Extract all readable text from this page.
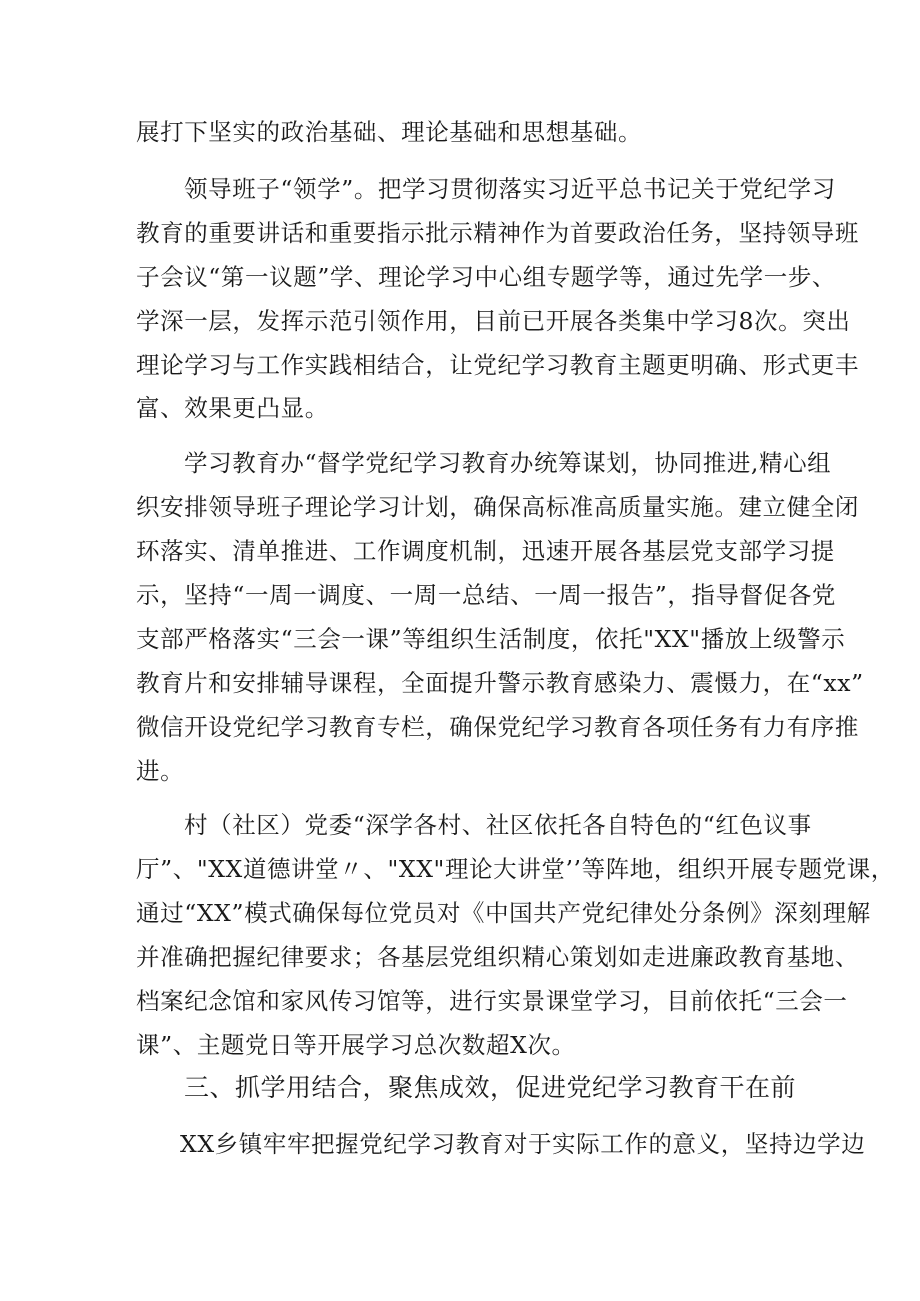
展打下坚实的政治基础、理论基础和思想基础。
领导班子“领学”。把学习贯彻落实习近平总书记关于党纪学习
教育的重要讲话和重要指示批示精神作为首要政治任务，坚持领导班
子会议“第一议题”学、理论学习中心组专题学等，通过先学一步、
学深一层，发挥示范引领作用，目前已开展各类集中学习8次。突出
理论学习与工作实践相结合，让党纪学习教育主题更明确、形式更丰
富、效果更凸显。
学习教育办“督学党纪学习教育办统筹谋划，协同推进,精心组
织安排领导班子理论学习计划，确保高标准高质量实施。建立健全闭
环落实、清单推进、工作调度机制，迅速开展各基层党支部学习提
示，坚持“一周一调度、一周一总结、一周一报告”，指导督促各党
支部严格落实“三会一课”等组织生活制度，依托"XX"播放上级警示
教育片和安排辅导课程，全面提升警示教育感染力、震慑力，在“xx”
微信开设党纪学习教育专栏，确保党纪学习教育各项任务有力有序推
进。
村（社区）党委“深学各村、社区依托各自特色的“红色议事
厅”、"XX道德讲堂〃、"XX"理论大讲堂’’等阵地，组织开展专题党课，
通过“XX”模式确保每位党员对《中国共产党纪律处分条例》深刻理解
并准确把握纪律要求；各基层党组织精心策划如走进廉政教育基地、
档案纪念馆和家风传习馆等，进行实景课堂学习，目前依托“三会一
课”、主题党日等开展学习总次数超X次。
三、抓学用结合，聚焦成效，促进党纪学习教育干在前
XX乡镇牢牢把握党纪学习教育对于实际工作的意义，坚持边学边
